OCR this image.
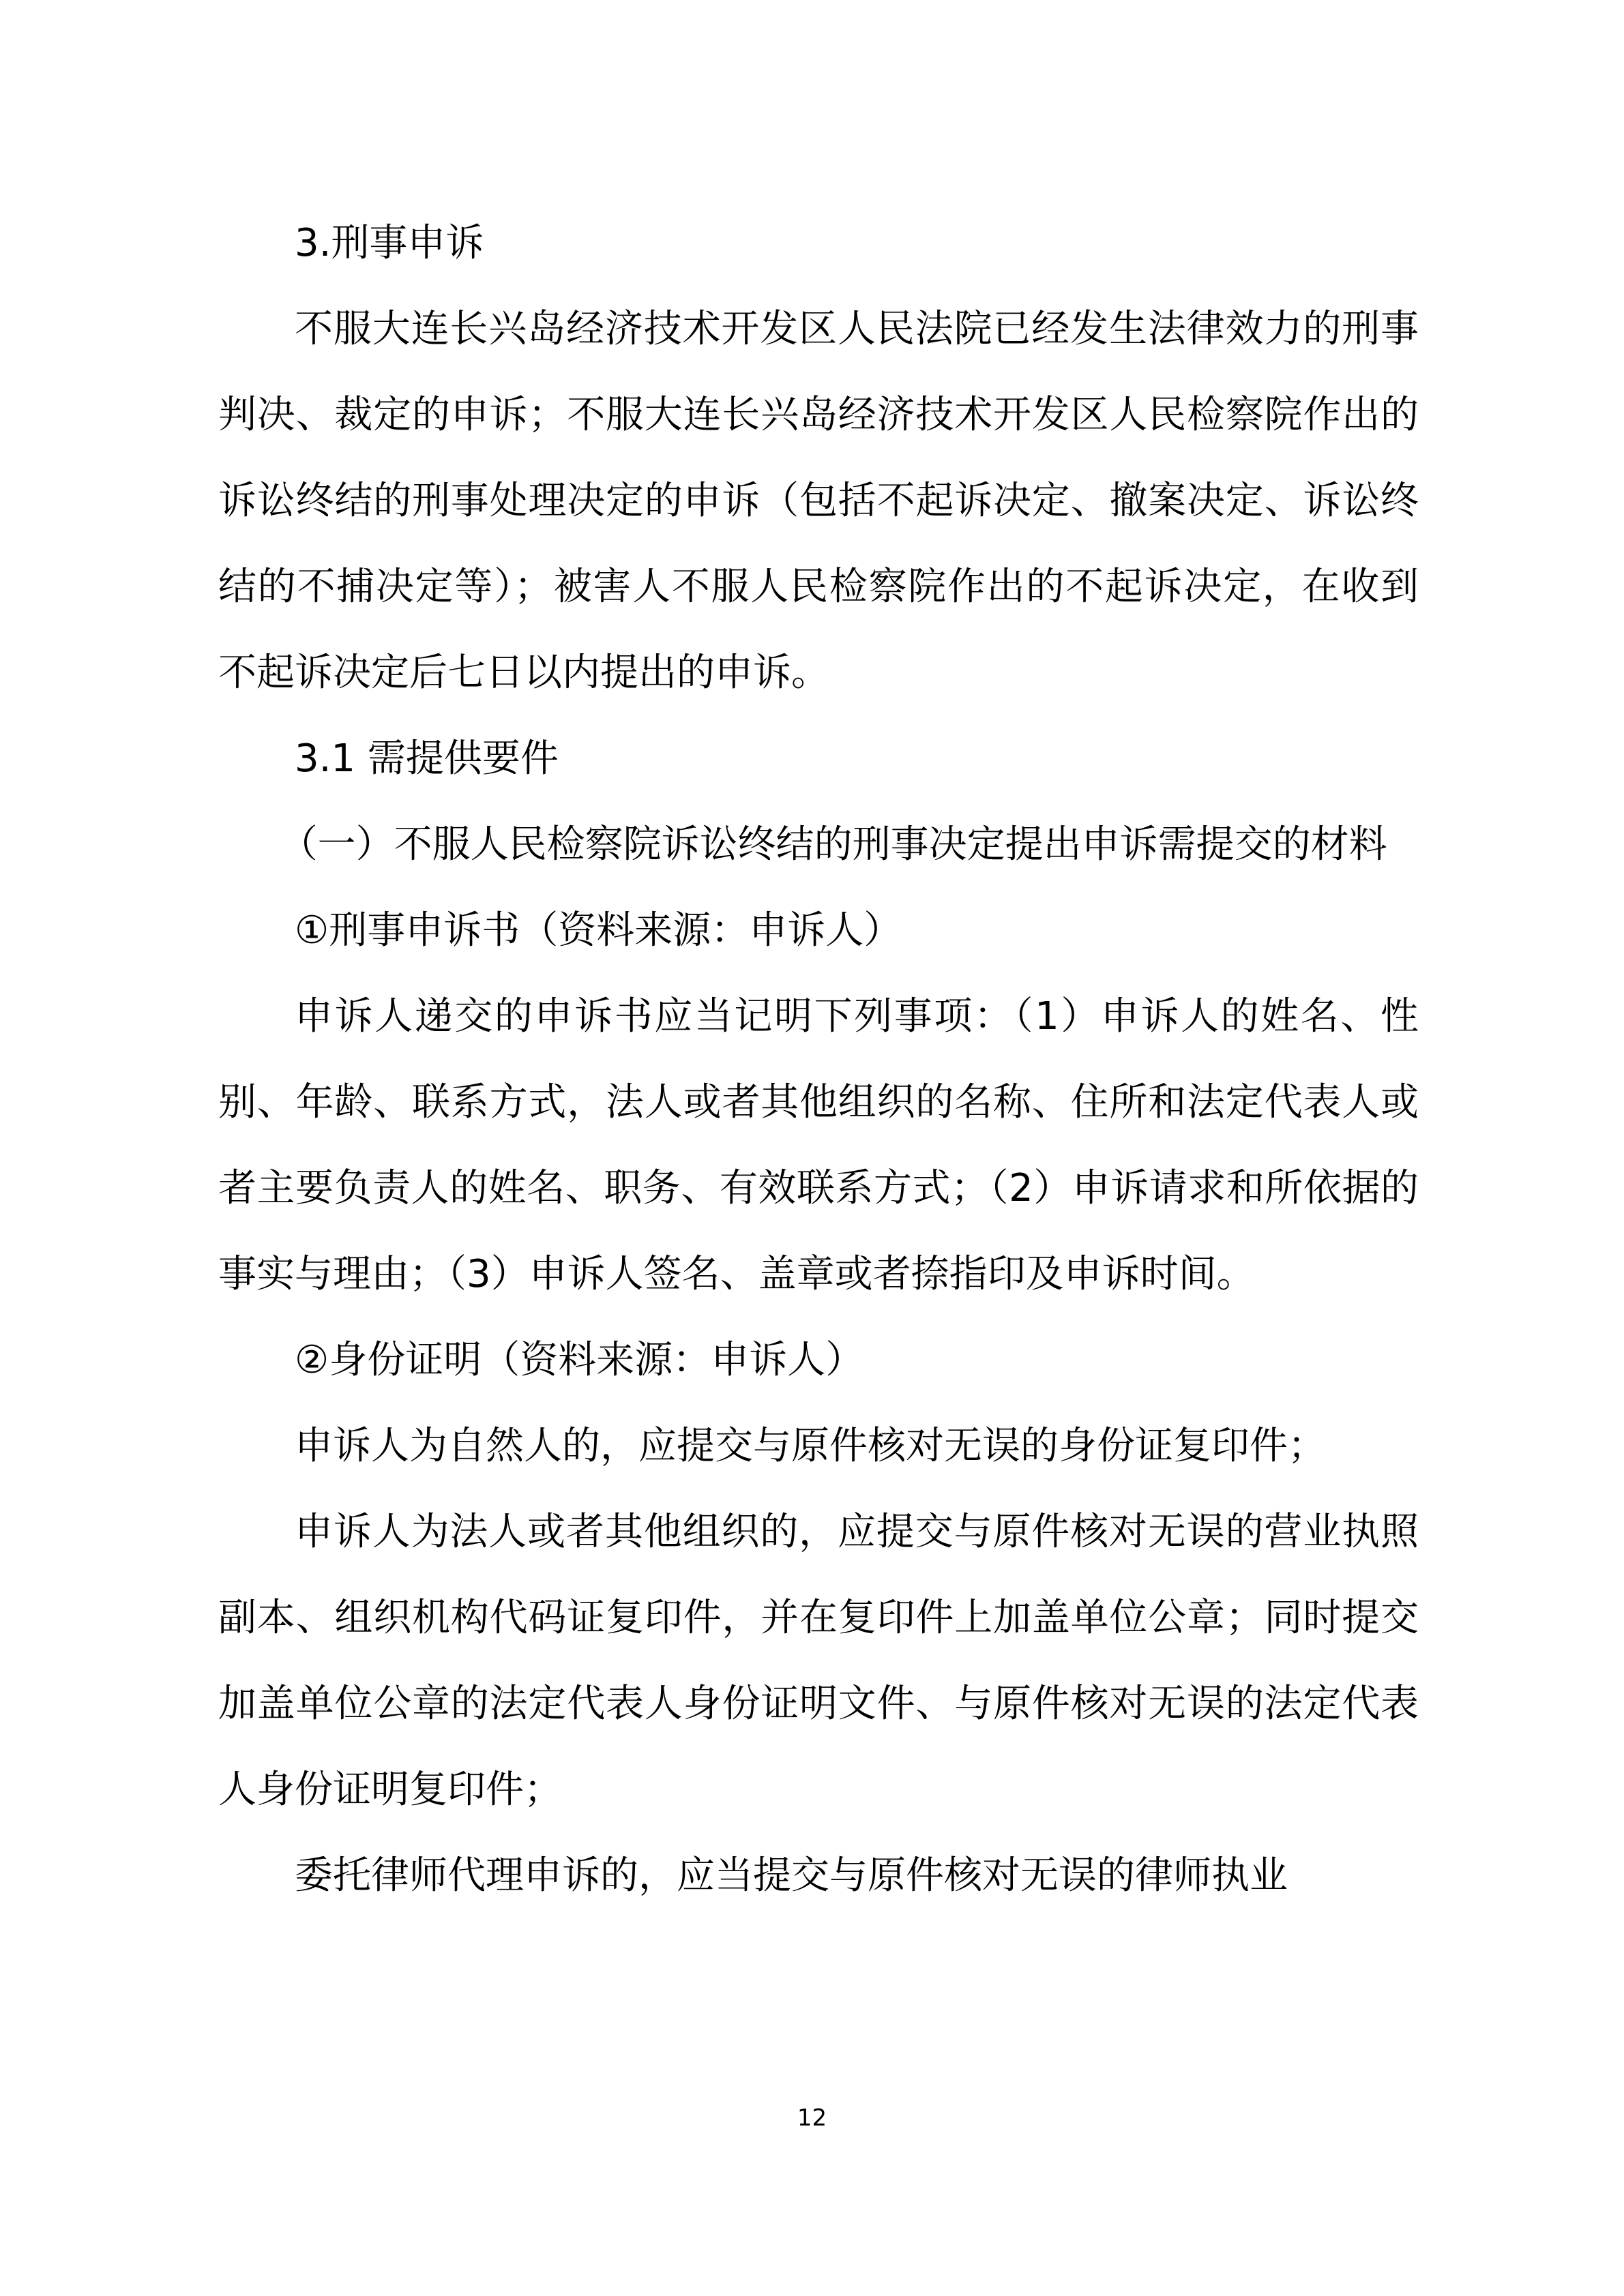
3.刑事申诉

不服大连长兴岛经济技术开发区人民法院已经发生法律效力的刑事判决、裁定的申诉；不服大连长兴岛经济技术开发区人民检察院作出的诉讼终结的刑事处理决定的申诉（包括不起诉决定、撤案决定、诉讼终结的不捕决定等）；被害人不服人民检察院作出的不起诉决定，在收到不起诉决定后七日以内提出的申诉。

3.1 需提供要件

（一）不服人民检察院诉讼终结的刑事决定提出申诉需提交的材料

①刑事申诉书（资料来源：申诉人）

申诉人递交的申诉书应当记明下列事项：（1）申诉人的姓名、性别、年龄、联系方式，法人或者其他组织的名称、住所和法定代表人或者主要负责人的姓名、职务、有效联系方式；（2）申诉请求和所依据的事实与理由；（3）申诉人签名、盖章或者捺指印及申诉时间。

②身份证明（资料来源：申诉人）

申诉人为自然人的，应提交与原件核对无误的身份证复印件；

申诉人为法人或者其他组织的，应提交与原件核对无误的营业执照副本、组织机构代码证复印件，并在复印件上加盖单位公章；同时提交加盖单位公章的法定代表人身份证明文件、与原件核对无误的法定代表人身份证明复印件；

委托律师代理申诉的，应当提交与原件核对无误的律师执业

12
